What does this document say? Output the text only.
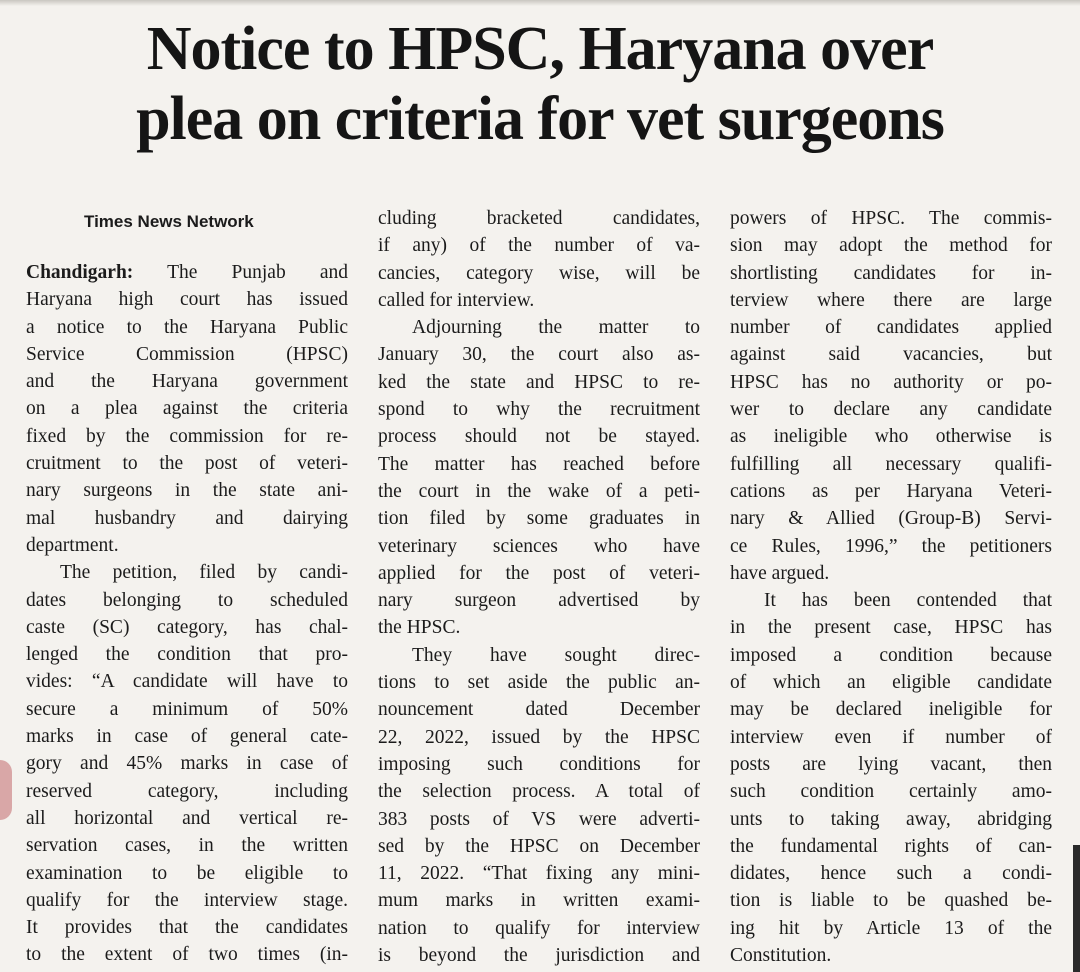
Notice to HPSC, Haryana over
plea on criteria for vet surgeons
Times News Network
Chandigarh: The Punjab and
Haryana high court has issued
a notice to the Haryana Public
Service Commission (HPSC)
and the Haryana government
on a plea against the criteria
fixed by the commission for re-
cruitment to the post of veteri-
nary surgeons in the state ani-
mal husbandry and dairying
department.
The petition, filed by candi-
dates belonging to scheduled
caste (SC) category, has chal-
lenged the condition that pro-
vides: “A candidate will have to
secure a minimum of 50%
marks in case of general cate-
gory and 45% marks in case of
reserved category, including
all horizontal and vertical re-
servation cases, in the written
examination to be eligible to
qualify for the interview stage.
It provides that the candidates
to the extent of two times (in-
cluding bracketed candidates,
if any) of the number of va-
cancies, category wise, will be
called for interview.
Adjourning the matter to
January 30, the court also as-
ked the state and HPSC to re-
spond to why the recruitment
process should not be stayed.
The matter has reached before
the court in the wake of a peti-
tion filed by some graduates in
veterinary sciences who have
applied for the post of veteri-
nary surgeon advertised by
the HPSC.
They have sought direc-
tions to set aside the public an-
nouncement dated December
22, 2022, issued by the HPSC
imposing such conditions for
the selection process. A total of
383 posts of VS were adverti-
sed by the HPSC on December
11, 2022. “That fixing any mini-
mum marks in written exami-
nation to qualify for interview
is beyond the jurisdiction and
powers of HPSC. The commis-
sion may adopt the method for
shortlisting candidates for in-
terview where there are large
number of candidates applied
against said vacancies, but
HPSC has no authority or po-
wer to declare any candidate
as ineligible who otherwise is
fulfilling all necessary qualifi-
cations as per Haryana Veteri-
nary & Allied (Group-B) Servi-
ce Rules, 1996,” the petitioners
have argued.
It has been contended that
in the present case, HPSC has
imposed a condition because
of which an eligible candidate
may be declared ineligible for
interview even if number of
posts are lying vacant, then
such condition certainly amo-
unts to taking away, abridging
the fundamental rights of can-
didates, hence such a condi-
tion is liable to be quashed be-
ing hit by Article 13 of the
Constitution.
